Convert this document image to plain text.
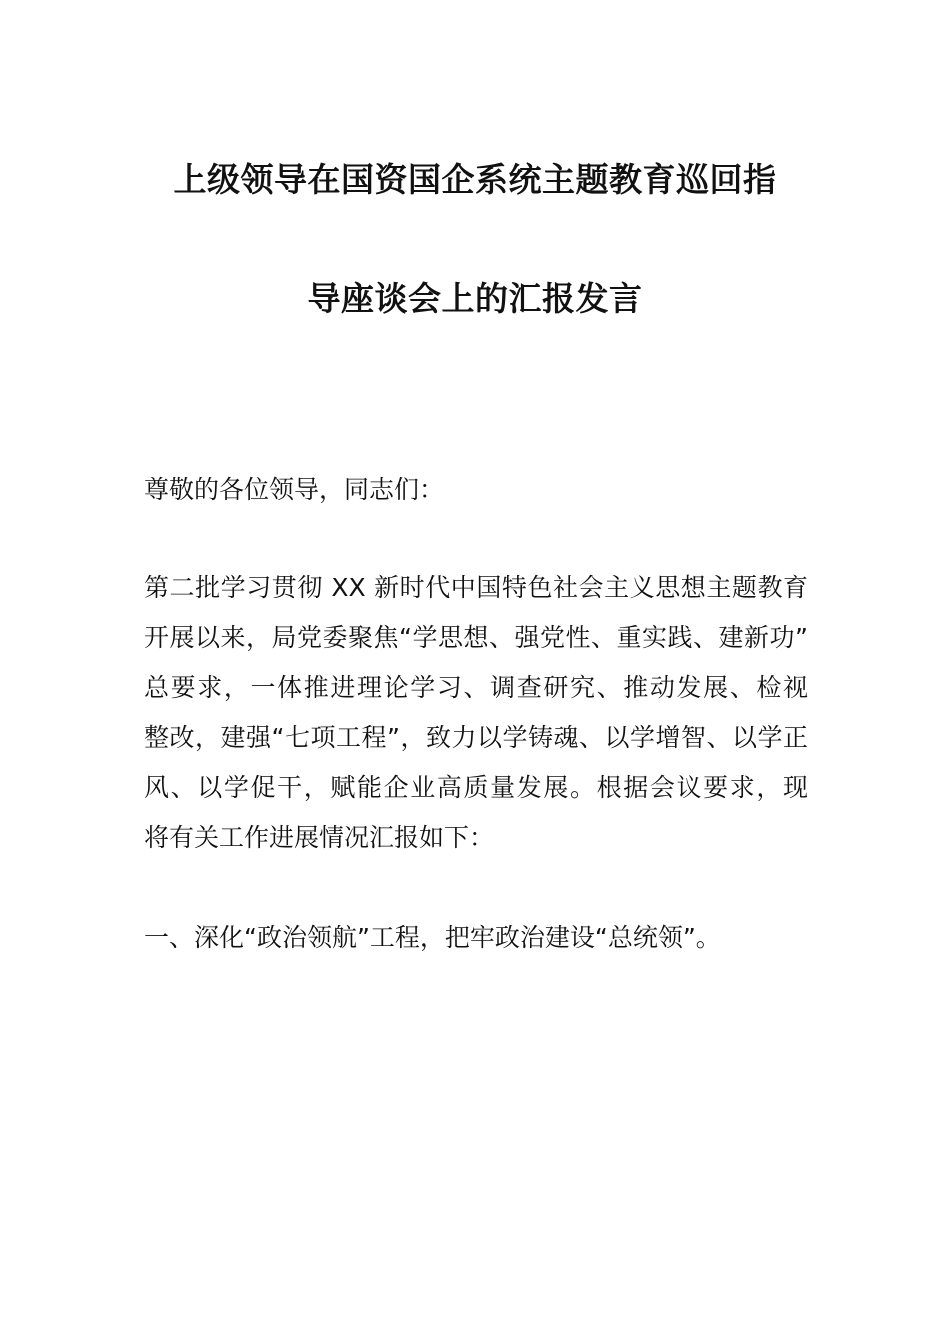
上级领导在国资国企系统主题教育巡回指
导座谈会上的汇报发言

尊敬的各位领导，同志们：

第二批学习贯彻 XX 新时代中国特色社会主义思想主题教育
开展以来，局党委聚焦“学思想、强党性、重实践、建新功”
总要求，一体推进理论学习、调查研究、推动发展、检视
整改，建强“七项工程”，致力以学铸魂、以学增智、以学正
风、以学促干，赋能企业高质量发展。根据会议要求，现
将有关工作进展情况汇报如下：

一、深化“政治领航”工程，把牢政治建设“总统领”。
